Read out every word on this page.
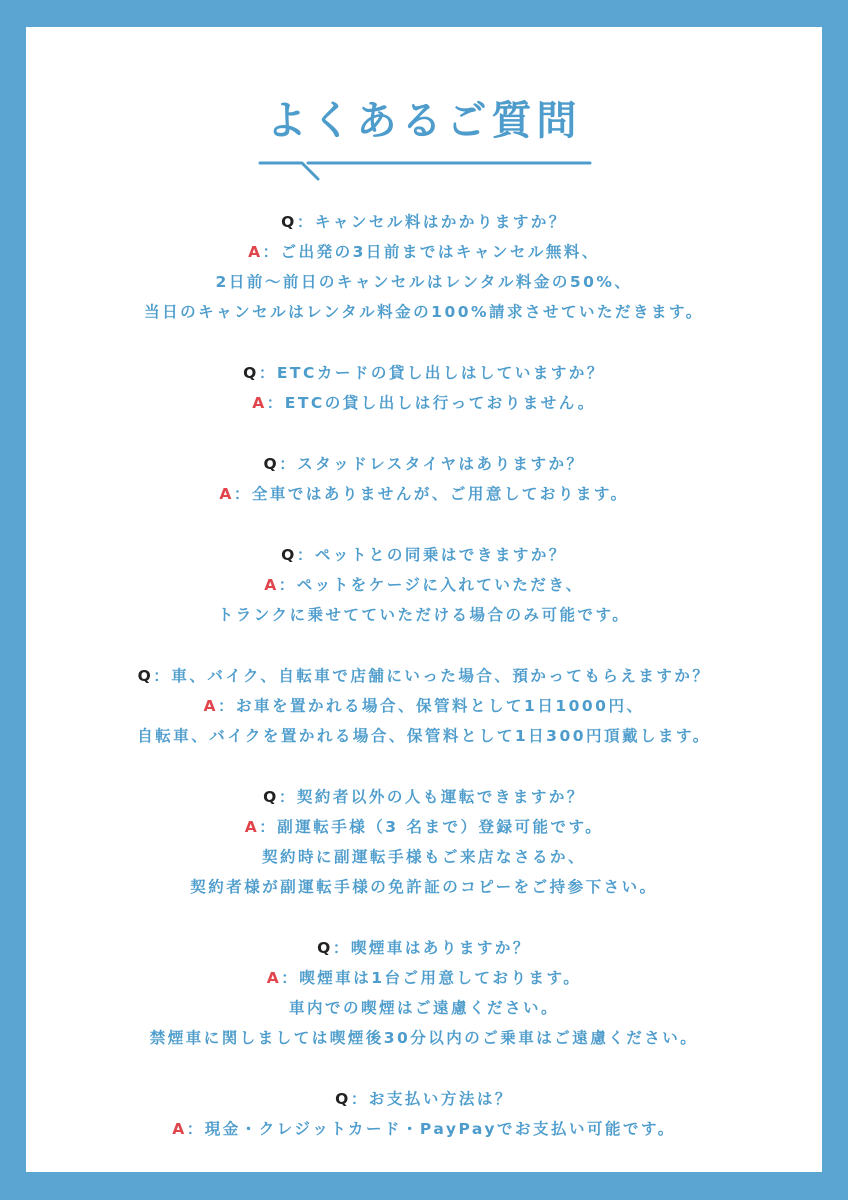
よくあるご質問
Q：キャンセル料はかかりますか？
A：ご出発の3日前まではキャンセル無料、
2日前〜前日のキャンセルはレンタル料金の50%、
当日のキャンセルはレンタル料金の100%請求させていただきます。
Q：ETCカードの貸し出しはしていますか？
A：ETCの貸し出しは行っておりません。
Q：スタッドレスタイヤはありますか？
A：全車ではありませんが、ご用意しております。
Q：ペットとの同乗はできますか？
A：ペットをケージに入れていただき、
トランクに乗せてていただける場合のみ可能です。
Q：車、バイク、自転車で店舗にいった場合、預かってもらえますか？
A：お車を置かれる場合、保管料として1日1000円、
自転車、バイクを置かれる場合、保管料として1日300円頂戴します。
Q：契約者以外の人も運転できますか？
A：副運転手様（3 名まで）登録可能です。
契約時に副運転手様もご来店なさるか、
契約者様が副運転手様の免許証のコピーをご持参下さい。
Q：喫煙車はありますか？
A：喫煙車は1台ご用意しております。
車内での喫煙はご遠慮ください。
禁煙車に関しましては喫煙後30分以内のご乗車はご遠慮ください。
Q：お支払い方法は？
A：現金・クレジットカード・PayPayでお支払い可能です。
